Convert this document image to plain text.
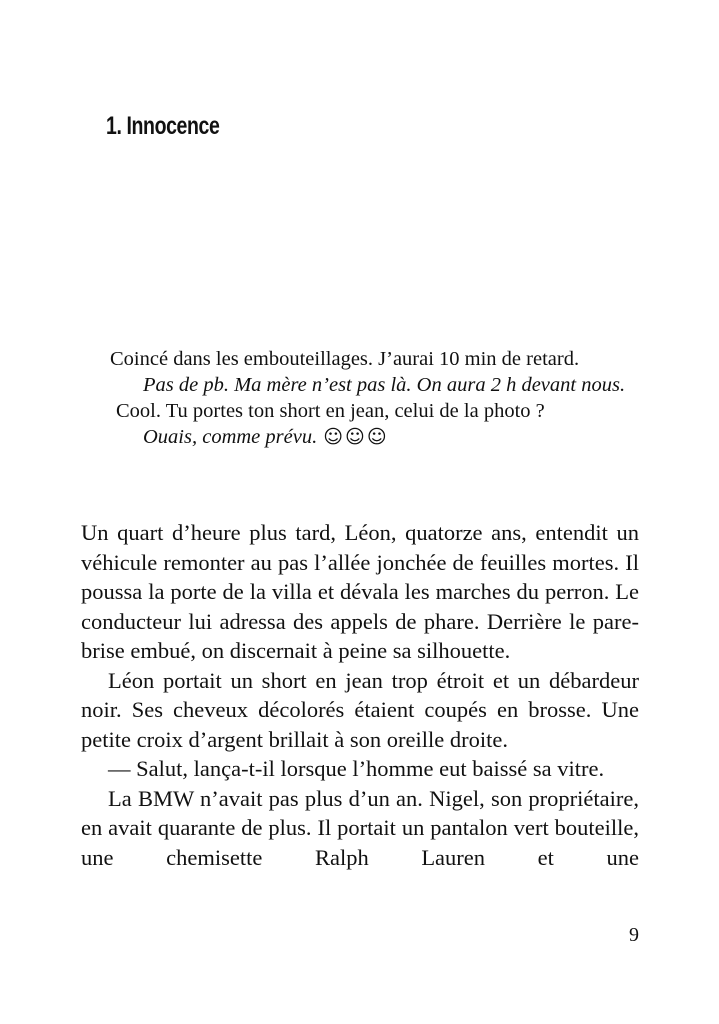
1. Innocence
Coincé dans les embouteillages. J’aurai 10 min de retard.
Pas de pb. Ma mère n’est pas là. On aura 2 h devant nous.
Cool. Tu portes ton short en jean, celui de la photo ?
Ouais, comme prévu. ☺☺☺

Un quart d’heure plus tard, Léon, quatorze ans, entendit un véhicule remonter au pas l’allée jonchée de feuilles mortes. Il poussa la porte de la villa et dévala les marches du perron. Le conducteur lui adressa des appels de phare. Derrière le pare-brise embué, on discernait à peine sa silhouette.

Léon portait un short en jean trop étroit et un débardeur noir. Ses cheveux décolorés étaient coupés en brosse. Une petite croix d’argent brillait à son oreille droite.

— Salut, lança-t-il lorsque l’homme eut baissé sa vitre.

La BMW n’avait pas plus d’un an. Nigel, son propriétaire, en avait quarante de plus. Il portait un pantalon vert bouteille, une chemisette Ralph Lauren et une

9
